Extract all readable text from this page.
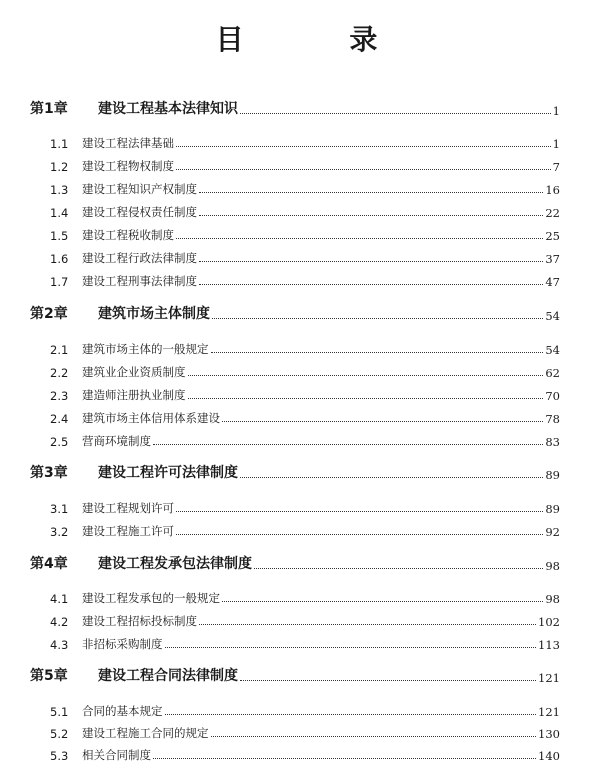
目 录
第1章	建设工程基本法律知识	1
1.1	建设工程法律基础	1
1.2	建设工程物权制度	7
1.3	建设工程知识产权制度	16
1.4	建设工程侵权责任制度	22
1.5	建设工程税收制度	25
1.6	建设工程行政法律制度	37
1.7	建设工程刑事法律制度	47
第2章	建筑市场主体制度	54
2.1	建筑市场主体的一般规定	54
2.2	建筑业企业资质制度	62
2.3	建造师注册执业制度	70
2.4	建筑市场主体信用体系建设	78
2.5	营商环境制度	83
第3章	建设工程许可法律制度	89
3.1	建设工程规划许可	89
3.2	建设工程施工许可	92
第4章	建设工程发承包法律制度	98
4.1	建设工程发承包的一般规定	98
4.2	建设工程招标投标制度	102
4.3	非招标采购制度	113
第5章	建设工程合同法律制度	121
5.1	合同的基本规定	121
5.2	建设工程施工合同的规定	130
5.3	相关合同制度	140
